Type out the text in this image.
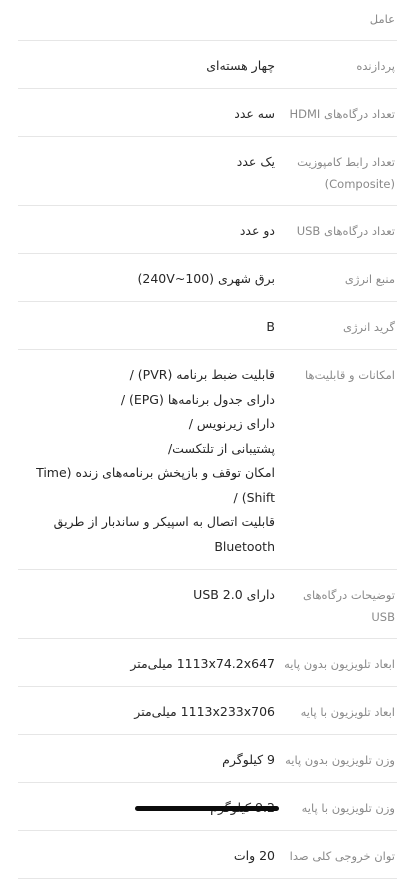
عامل
پردازنده
چهار هسته‌ای
تعداد درگاه‌های HDMI
سه عدد
تعداد رابط کامپوزیت (Composite)
یک عدد
تعداد درگاه‌های USB
دو عدد
منبع انرژی
برق شهری (100~240V)
گرید انرژی
B
امکانات و قابلیت‌ها
قابلیت ضبط برنامه (PVR) /
دارای جدول برنامه‌ها (EPG) /
دارای زیرنویس /
پشتیبانی از تلتکست/
امکان توقف و بازپخش برنامه‌های زنده (Time
Shift) /
قابلیت اتصال به اسپیکر و ساندبار از طریق
Bluetooth
توضیحات درگاه‌های USB
دارای USB 2.0
ابعاد تلویزیون بدون پایه
1113x74.2x647 میلی‌متر
ابعاد تلویزیون با پایه
1113x233x706 میلی‌متر
وزن تلویزیون بدون پایه
9 کیلوگرم
وزن تلویزیون با پایه
توان خروجی کلی صدا
20 وات
